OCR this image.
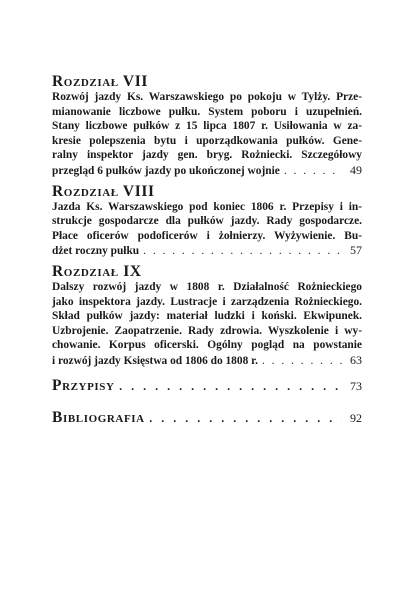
Rozdział VII
Rozwój jazdy Ks. Warszawskiego po pokoju w Tylży. Prze-
mianowanie liczbowe pułku. System poboru i uzupełnień.
Stany liczbowe pułków z 15 lipca 1807 r. Usiłowania w za-
kresie polepszenia bytu i uporządkowania pułków. Gene-
ralny inspektor jazdy gen. bryg. Rożniecki. Szczegółowy
przegląd 6 pułków jazdy po ukończonej wojnie . . .	49
Rozdział VIII
Jazda Ks. Warszawskiego pod koniec 1806 r. Przepisy i in-
strukcje gospodarcze dla pułków jazdy. Rady gospodarcze.
Płace oficerów podoficerów i żołnierzy. Wyżywienie. Bu-
dżet roczny pułku . . .	57
Rozdział IX
Dalszy rozwój jazdy w 1808 r. Działalność Rożnieckiego
jako inspektora jazdy. Lustracje i zarządzenia Rożnieckiego.
Skład pułków jazdy: materiał ludzki i koński. Ekwipunek.
Uzbrojenie. Zaopatrzenie. Rady zdrowia. Wyszkolenie i wy-
chowanie. Korpus oficerski. Ogólny pogląd na powstanie
i rozwój jazdy Księstwa od 1806 do 1808 r. . . .	63
Przypisy . . .	73
Bibliografia . . .	92
